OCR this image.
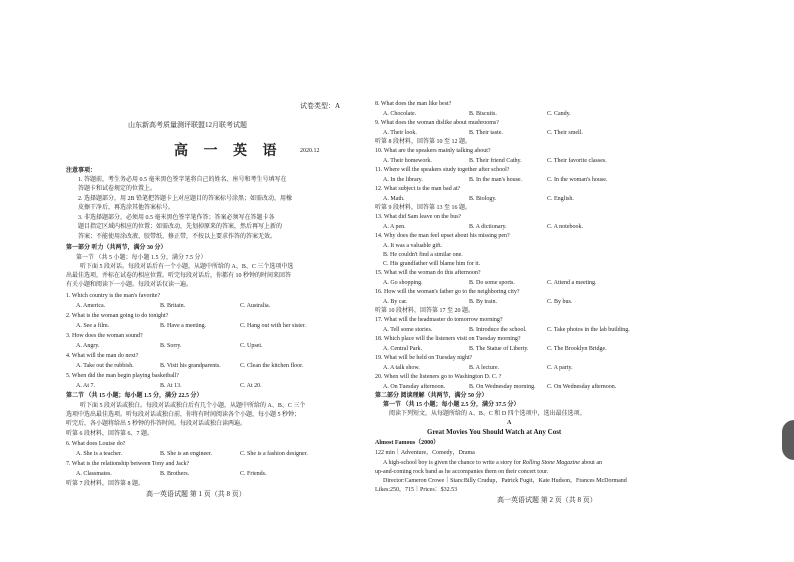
试卷类型：A
山东新高考质量测评联盟12月联考试题
高 一 英 语	2020.12
注意事项：
1. 答题前，考生务必用 0.5 毫米黑色签字笔将自己的姓名、座号和考生号填写在
答题卡和试卷规定的位置上。
2. 选择题部分，用 2B 铅笔把答题卡上对应题目的答案标号涂黑；如需改动，用橡
皮擦干净后，再选涂其他答案标号。
3. 非选择题部分，必须用 0.5 毫米黑色签字笔作答；答案必须写在答题卡各
题目指定区域内相应的位置；如需改动，先划掉原来的答案，然后再写上新的
答案；不能使用涂改液、胶带纸、修正带，不按以上要求作答的答案无效。
第一部分 听力（共两节，满分 30 分）
第一节 （共 5 小题；每小题 1.5 分，满分 7.5 分）
听下面 5 段对话。每段对话后有一个小题，从题中所给的 A、B、C 三个选项中选
出最佳选项，并标在试卷的相应位置。听完每段对话后，你都有 10 秒钟的时间来回答
有关小题和阅读下一小题。每段对话仅读一遍。
1. Which country is the man's favorite?
A. America.	B. Britain.	C. Australia.
2. What is the woman going to do tonight?
A. See a film.	B. Have a meeting.	C. Hang out with her sister.
3. How does the woman sound?
A. Angry.	B. Sorry.	C. Upset.
4. What will the man do next?
A. Take out the rubbish.	B. Visit his grandparents.	C. Clean the kitchen floor.
5. When did the man begin playing basketball?
A. At 7.	B. At 13.	C. At 20.
第二节 （共 15 小题；每小题 1.5 分，满分 22.5 分）
听下面 5 段对话或独白。每段对话或独白后有几个小题，从题中所给的 A、B、C 三个
选项中选出最佳选项。听每段对话或独白前，你将有时间阅读各个小题，每小题 5 秒钟；
听完后，各小题将给出 5 秒钟的作答时间。每段对话或独白读两遍。
听第 6 段材料，回答第 6、7 题。
6. What does Louise do?
A. She is a teacher.	B. She is an engineer.	C. She is a fashion designer.
7. What is the relationship between Tony and Jack?
A. Classmates.	B. Brothers.	C. Friends.
听第 7 段材料，回答第 8 题。
高一英语试题 第 1 页（共 8 页）
8. What does the man like best?
A. Chocolate.	B. Biscuits.	C. Candy.
9. What does the woman dislike about mushrooms?
A. Their look.	B. Their taste.	C. Their smell.
听第 8 段材料，回答第 10 至 12 题。
10. What are the speakers mainly talking about?
A. Their homework.	B. Their friend Cathy.	C. Their favorite classes.
11. Where will the speakers study together after school?
A. In the library.	B. In the man's house.	C. In the woman's house.
12. What subject is the man bad at?
A. Math.	B. Biology.	C. English.
听第 9 段材料，回答第 13 至 16 题。
13. What did Sam leave on the bus?
A. A pen.	B. A dictionary.	C. A notebook.
14. Why does the man feel upset about his missing pen?
A. It was a valuable gift.
B. He couldn't find a similar one.
C. His grandfather will blame him for it.
15. What will the woman do this afternoon?
A. Go shopping.	B. Do some sports.	C. Attend a meeting.
16. How will the woman's father go to the neighboring city?
A. By car.	B. By train.	C. By bus.
听第 10 段材料，回答第 17 至 20 题。
17. What will the headmaster do tomorrow morning?
A. Tell some stories.	B. Introduce the school.	C. Take photos in the lab building.
18. Which place will the listeners visit on Tuesday morning?
A. Central Park.	B. The Statue of Liberty.	C. The Brooklyn Bridge.
19. What will be held on Tuesday night?
A. A talk show.	B. A lecture.	C. A party.
20. When will the listeners go to Washington D. C. ?
A. On Tuesday afternoon.	B. On Wednesday morning. C. On Wednesday afternoon.
第二部分 阅读理解（共两节，满分 50 分）
第一节 （共 15 小题；每小题 2.5 分，满分 37.5 分）
阅读下列短文，从每题所给的 A、B、C 和 D 四个选项中，选出最佳选项。
A
Great Movies You Should Watch at Any Cost
Almost Famous（2000）
122 min｜Adventure，Comedy，Drama
A high-school boy is given the chance to write a story for Rolling Stone Magazine about an
up-and-coming rock band as he accompanies them on their concert tour.
Director:Cameron Crowe｜Stars:Billy Crudup，Patrick Fugit，Kate Hudson，Frances McDormand
Likes:250，715｜Prices：$32.53
高一英语试题 第 2 页（共 8 页）
